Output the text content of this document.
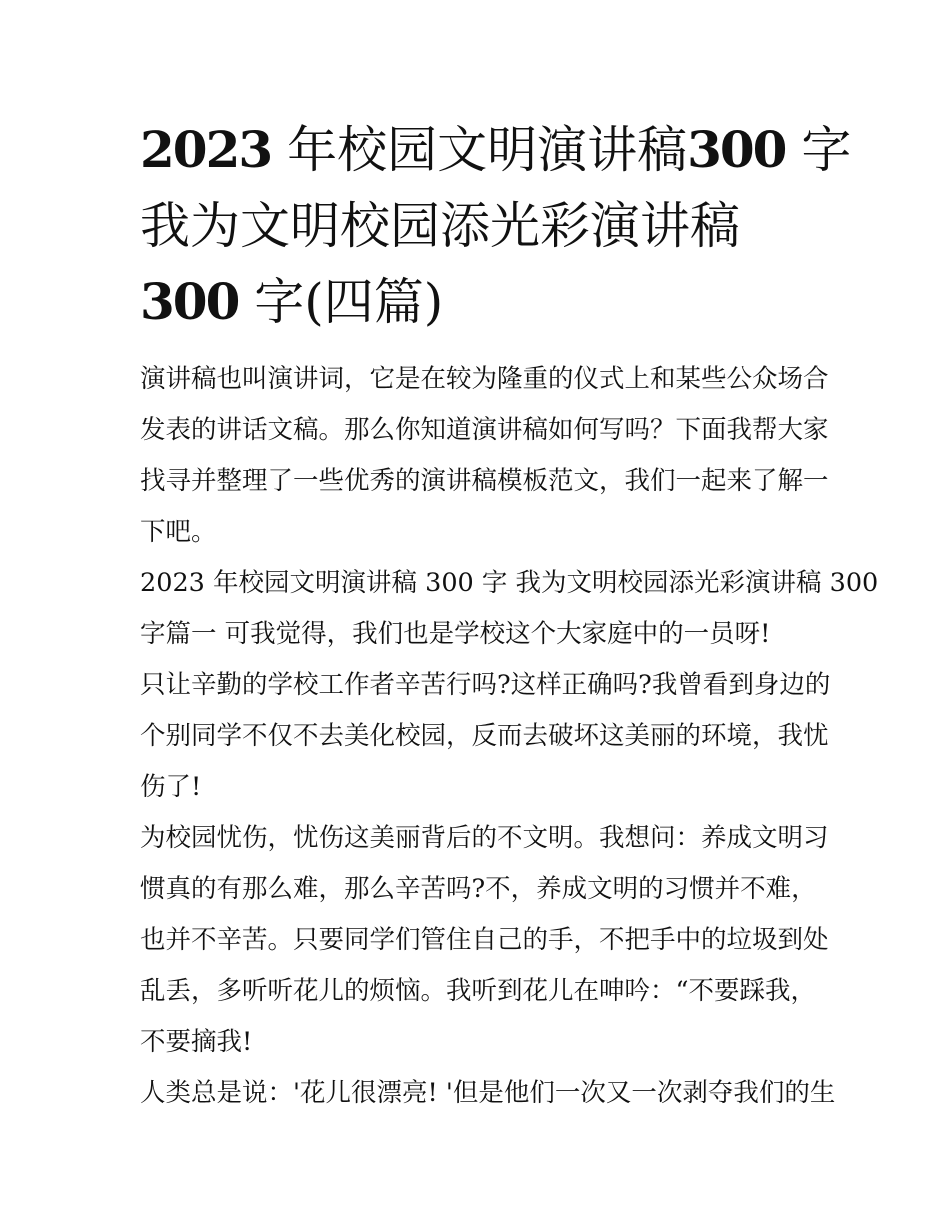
2023 年校园文明演讲稿300 字
我为文明校园添光彩演讲稿
300 字(四篇)

演讲稿也叫演讲词，它是在较为隆重的仪式上和某些公众场合
发表的讲话文稿。那么你知道演讲稿如何写吗？下面我帮大家
找寻并整理了一些优秀的演讲稿模板范文，我们一起来了解一
下吧。

2023 年校园文明演讲稿 300 字 我为文明校园添光彩演讲稿 300
字篇一 可我觉得，我们也是学校这个大家庭中的一员呀!

只让辛勤的学校工作者辛苦行吗?这样正确吗?我曾看到身边的
个别同学不仅不去美化校园，反而去破坏这美丽的环境，我忧
伤了!

为校园忧伤，忧伤这美丽背后的不文明。我想问：养成文明习
惯真的有那么难，那么辛苦吗?不，养成文明的习惯并不难，
也并不辛苦。只要同学们管住自己的手，不把手中的垃圾到处
乱丢，多听听花儿的烦恼。我听到花儿在呻吟：“不要踩我，
不要摘我!

人类总是说：'花儿很漂亮! '但是他们一次又一次剥夺我们的生
